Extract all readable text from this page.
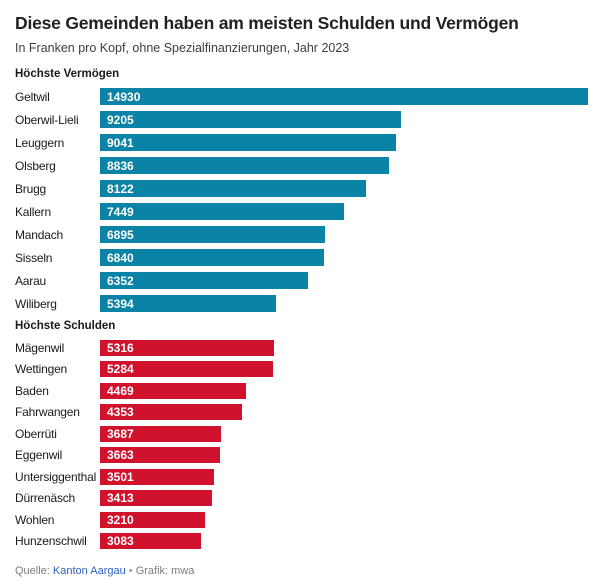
Diese Gemeinden haben am meisten Schulden und Vermögen

In Franken pro Kopf, ohne Spezialfinanzierungen, Jahr 2023

Höchste Vermögen
Geltwil	14930
Oberwil-Lieli	9205
Leuggern	9041
Olsberg	8836
Brugg	8122
Kallern	7449
Mandach	6895
Sisseln	6840
Aarau	6352
Wiliberg	5394
Höchste Schulden
Mägenwil	5316
Wettingen	5284
Baden	4469
Fahrwangen	4353
Oberrüti	3687
Eggenwil	3663
Untersiggenthal 3501
Dürrenäsch	3413
Wohlen	3210
Hunzenschwil	3083

Quelle: Kanton Aargau • Grafik: mwa
